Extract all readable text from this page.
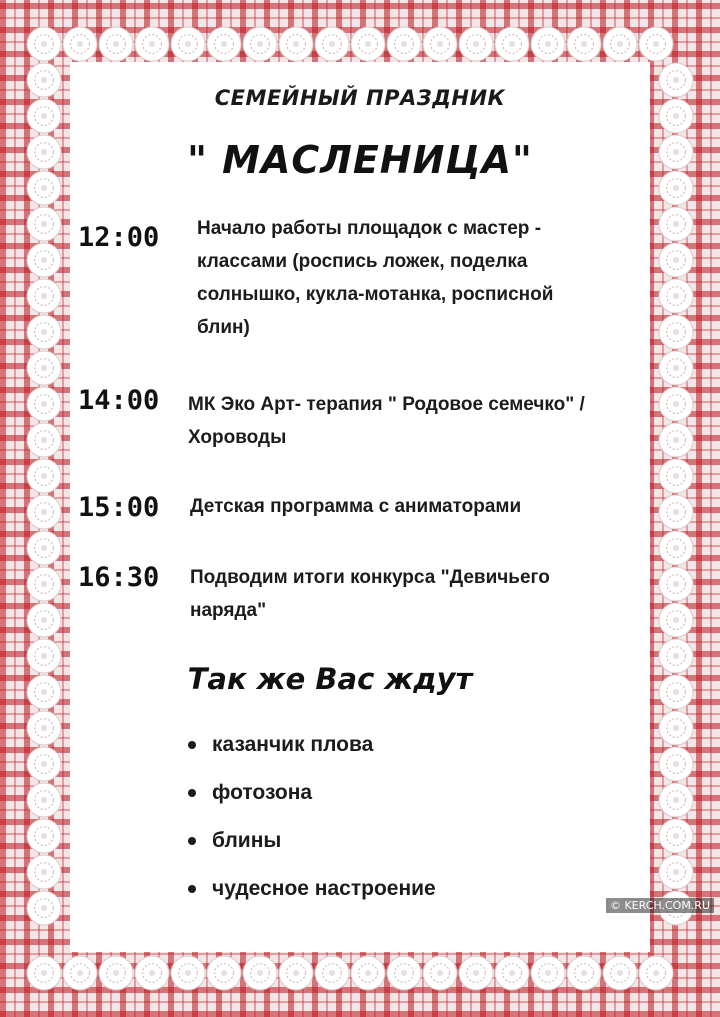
СЕМЕЙНЫЙ ПРАЗДНИК
" МАСЛЕНИЦА"
12:00 Начало работы площадок с мастер -
классами (роспись ложек, поделка
солнышко, кукла-мотанка, росписной
блин)
14:00 МК Эко Арт- терапия " Родовое семечко" /
Хороводы
15:00 Детская программа с аниматорами
16:30 Подводим итоги конкурса "Девичьего
наряда"
Так же Вас ждут
казанчик плова
фотозона
блины
чудесное настроение
© KERCH.COM.RU
